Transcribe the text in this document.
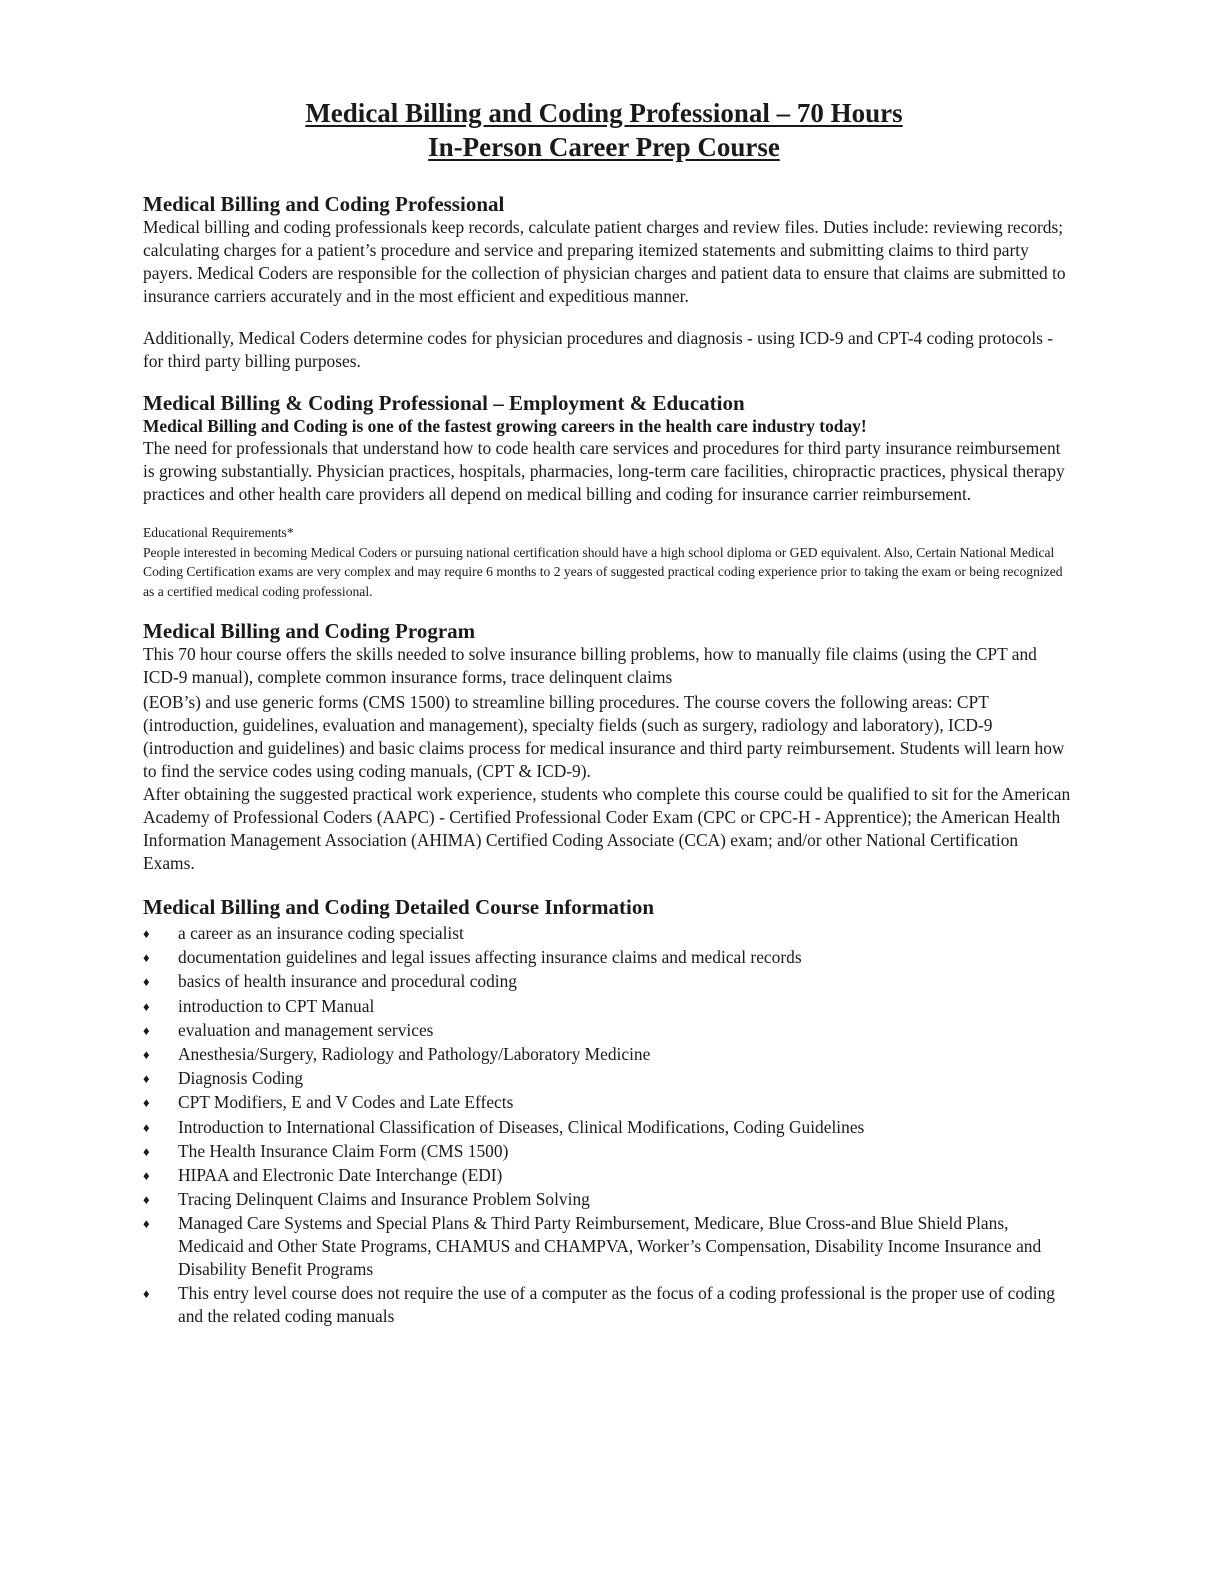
Medical Billing and Coding Professional – 70 Hours
In-Person Career Prep Course
Medical Billing and Coding Professional

Medical billing and coding professionals keep records, calculate patient charges and review files. Duties include: reviewing records; calculating charges for a patient’s procedure and service and preparing itemized statements and submitting claims to third party payers. Medical Coders are responsible for the collection of physician charges and patient data to ensure that claims are submitted to insurance carriers accurately and in the most efficient and expeditious manner.

Additionally, Medical Coders determine codes for physician procedures and diagnosis - using ICD-9 and CPT-4 coding protocols - for third party billing purposes.

Medical Billing & Coding Professional – Employment & Education

Medical Billing and Coding is one of the fastest growing careers in the health care industry today!

The need for professionals that understand how to code health care services and procedures for third party insurance reimbursement is growing substantially. Physician practices, hospitals, pharmacies, long-term care facilities, chiropractic practices, physical therapy practices and other health care providers all depend on medical billing and coding for insurance carrier reimbursement.

Educational Requirements*

People interested in becoming Medical Coders or pursuing national certification should have a high school diploma or GED equivalent. Also, Certain National Medical Coding Certification exams are very complex and may require 6 months to 2 years of suggested practical coding experience prior to taking the exam or being recognized as a certified medical coding professional.

Medical Billing and Coding Program

This 70 hour course offers the skills needed to solve insurance billing problems, how to manually file claims (using the CPT and ICD-9 manual), complete common insurance forms, trace delinquent claims

(EOB’s) and use generic forms (CMS 1500) to streamline billing procedures. The course covers the following areas: CPT (introduction, guidelines, evaluation and management), specialty fields (such as surgery, radiology and laboratory), ICD-9 (introduction and guidelines) and basic claims process for medical insurance and third party reimbursement. Students will learn how to find the service codes using coding manuals, (CPT & ICD-9).

After obtaining the suggested practical work experience, students who complete this course could be qualified to sit for the American Academy of Professional Coders (AAPC) - Certified Professional Coder Exam (CPC or CPC-H - Apprentice); the American Health Information Management Association (AHIMA) Certified Coding Associate (CCA) exam; and/or other National Certification Exams.

Medical Billing and Coding Detailed Course Information
♦ a career as an insurance coding specialist
♦ documentation guidelines and legal issues affecting insurance claims and medical records
♦ basics of health insurance and procedural coding
♦ introduction to CPT Manual
♦ evaluation and management services
♦ Anesthesia/Surgery, Radiology and Pathology/Laboratory Medicine
♦ Diagnosis Coding
♦ CPT Modifiers, E and V Codes and Late Effects
♦ Introduction to International Classification of Diseases, Clinical Modifications, Coding Guidelines
♦ The Health Insurance Claim Form (CMS 1500)
♦ HIPAA and Electronic Date Interchange (EDI)
♦ Tracing Delinquent Claims and Insurance Problem Solving
♦ Managed Care Systems and Special Plans & Third Party Reimbursement, Medicare, Blue Cross-and Blue Shield Plans, Medicaid and Other State Programs, CHAMUS and CHAMPVA, Worker’s Compensation, Disability Income Insurance and Disability Benefit Programs
♦ This entry level course does not require the use of a computer as the focus of a coding professional is the proper use of coding and the related coding manuals
